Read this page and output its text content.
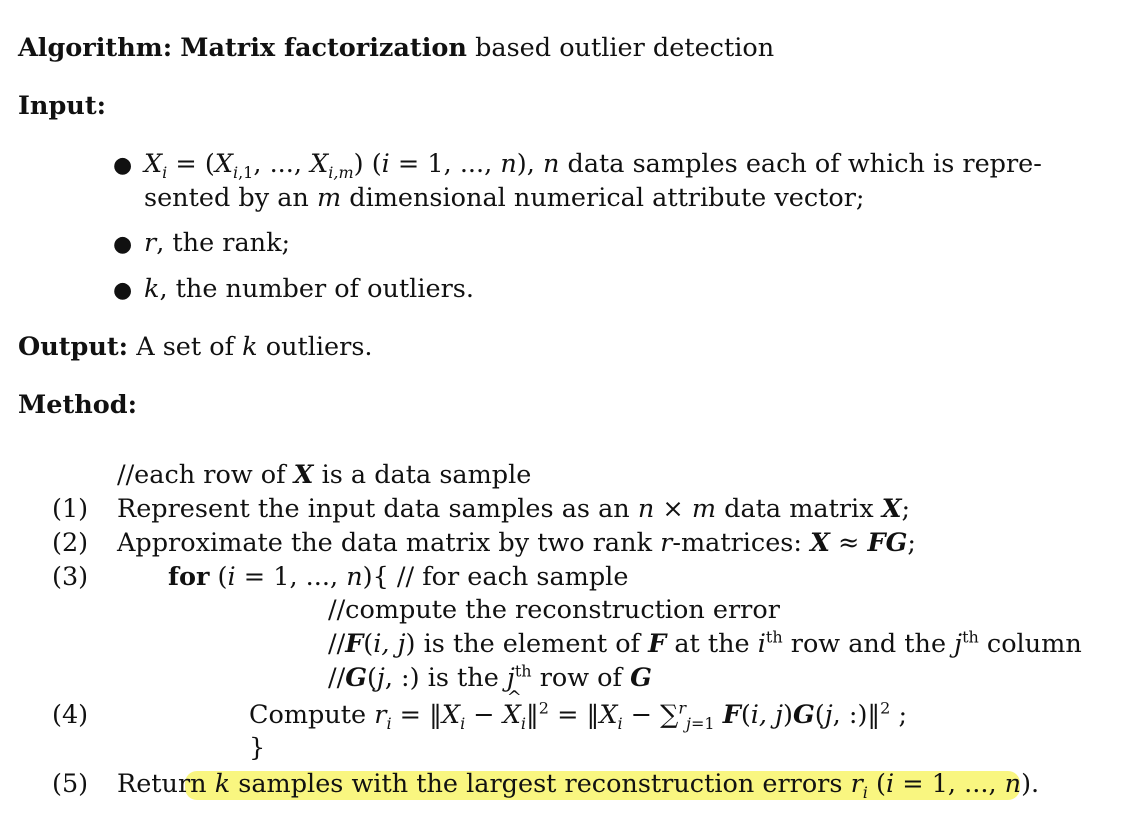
Algorithm: Matrix factorization based outlier detection
Input:
● $X_i = (X_{i,1}$, ..., $X_{i,m}$) (i = 1, ..., n), n data samples each of which is repre-
sented by an m dimensional numerical attribute vector;
● r, the rank;
● k, the number of outliers.
Output: A set of k outliers.
Method:
//each row of X is a data sample
(1) Represent the input data samples as an n × m data matrix X;
(2) Approximate the data matrix by two rank r-matrices: X ≈ FG;
(3)	for (i = 1, ..., n){ // for each sample
//compute the reconstruction error
//F(i, j) is the element of F at the $i^{th}$ row and the $j^{th}$ column
//G(j, :) is the $j^{th}$ row of G
(4)	Compute $r_i$ = $‖X_i$ − ^ $X_i‖^2$ = $‖X_i - \sum^r_{j=1}$ F(i, j)G(j, :)‖$^2$ ;
}
(5) Return k samples with the largest reconstruction errors $r_i$ (i = 1, ..., n).
